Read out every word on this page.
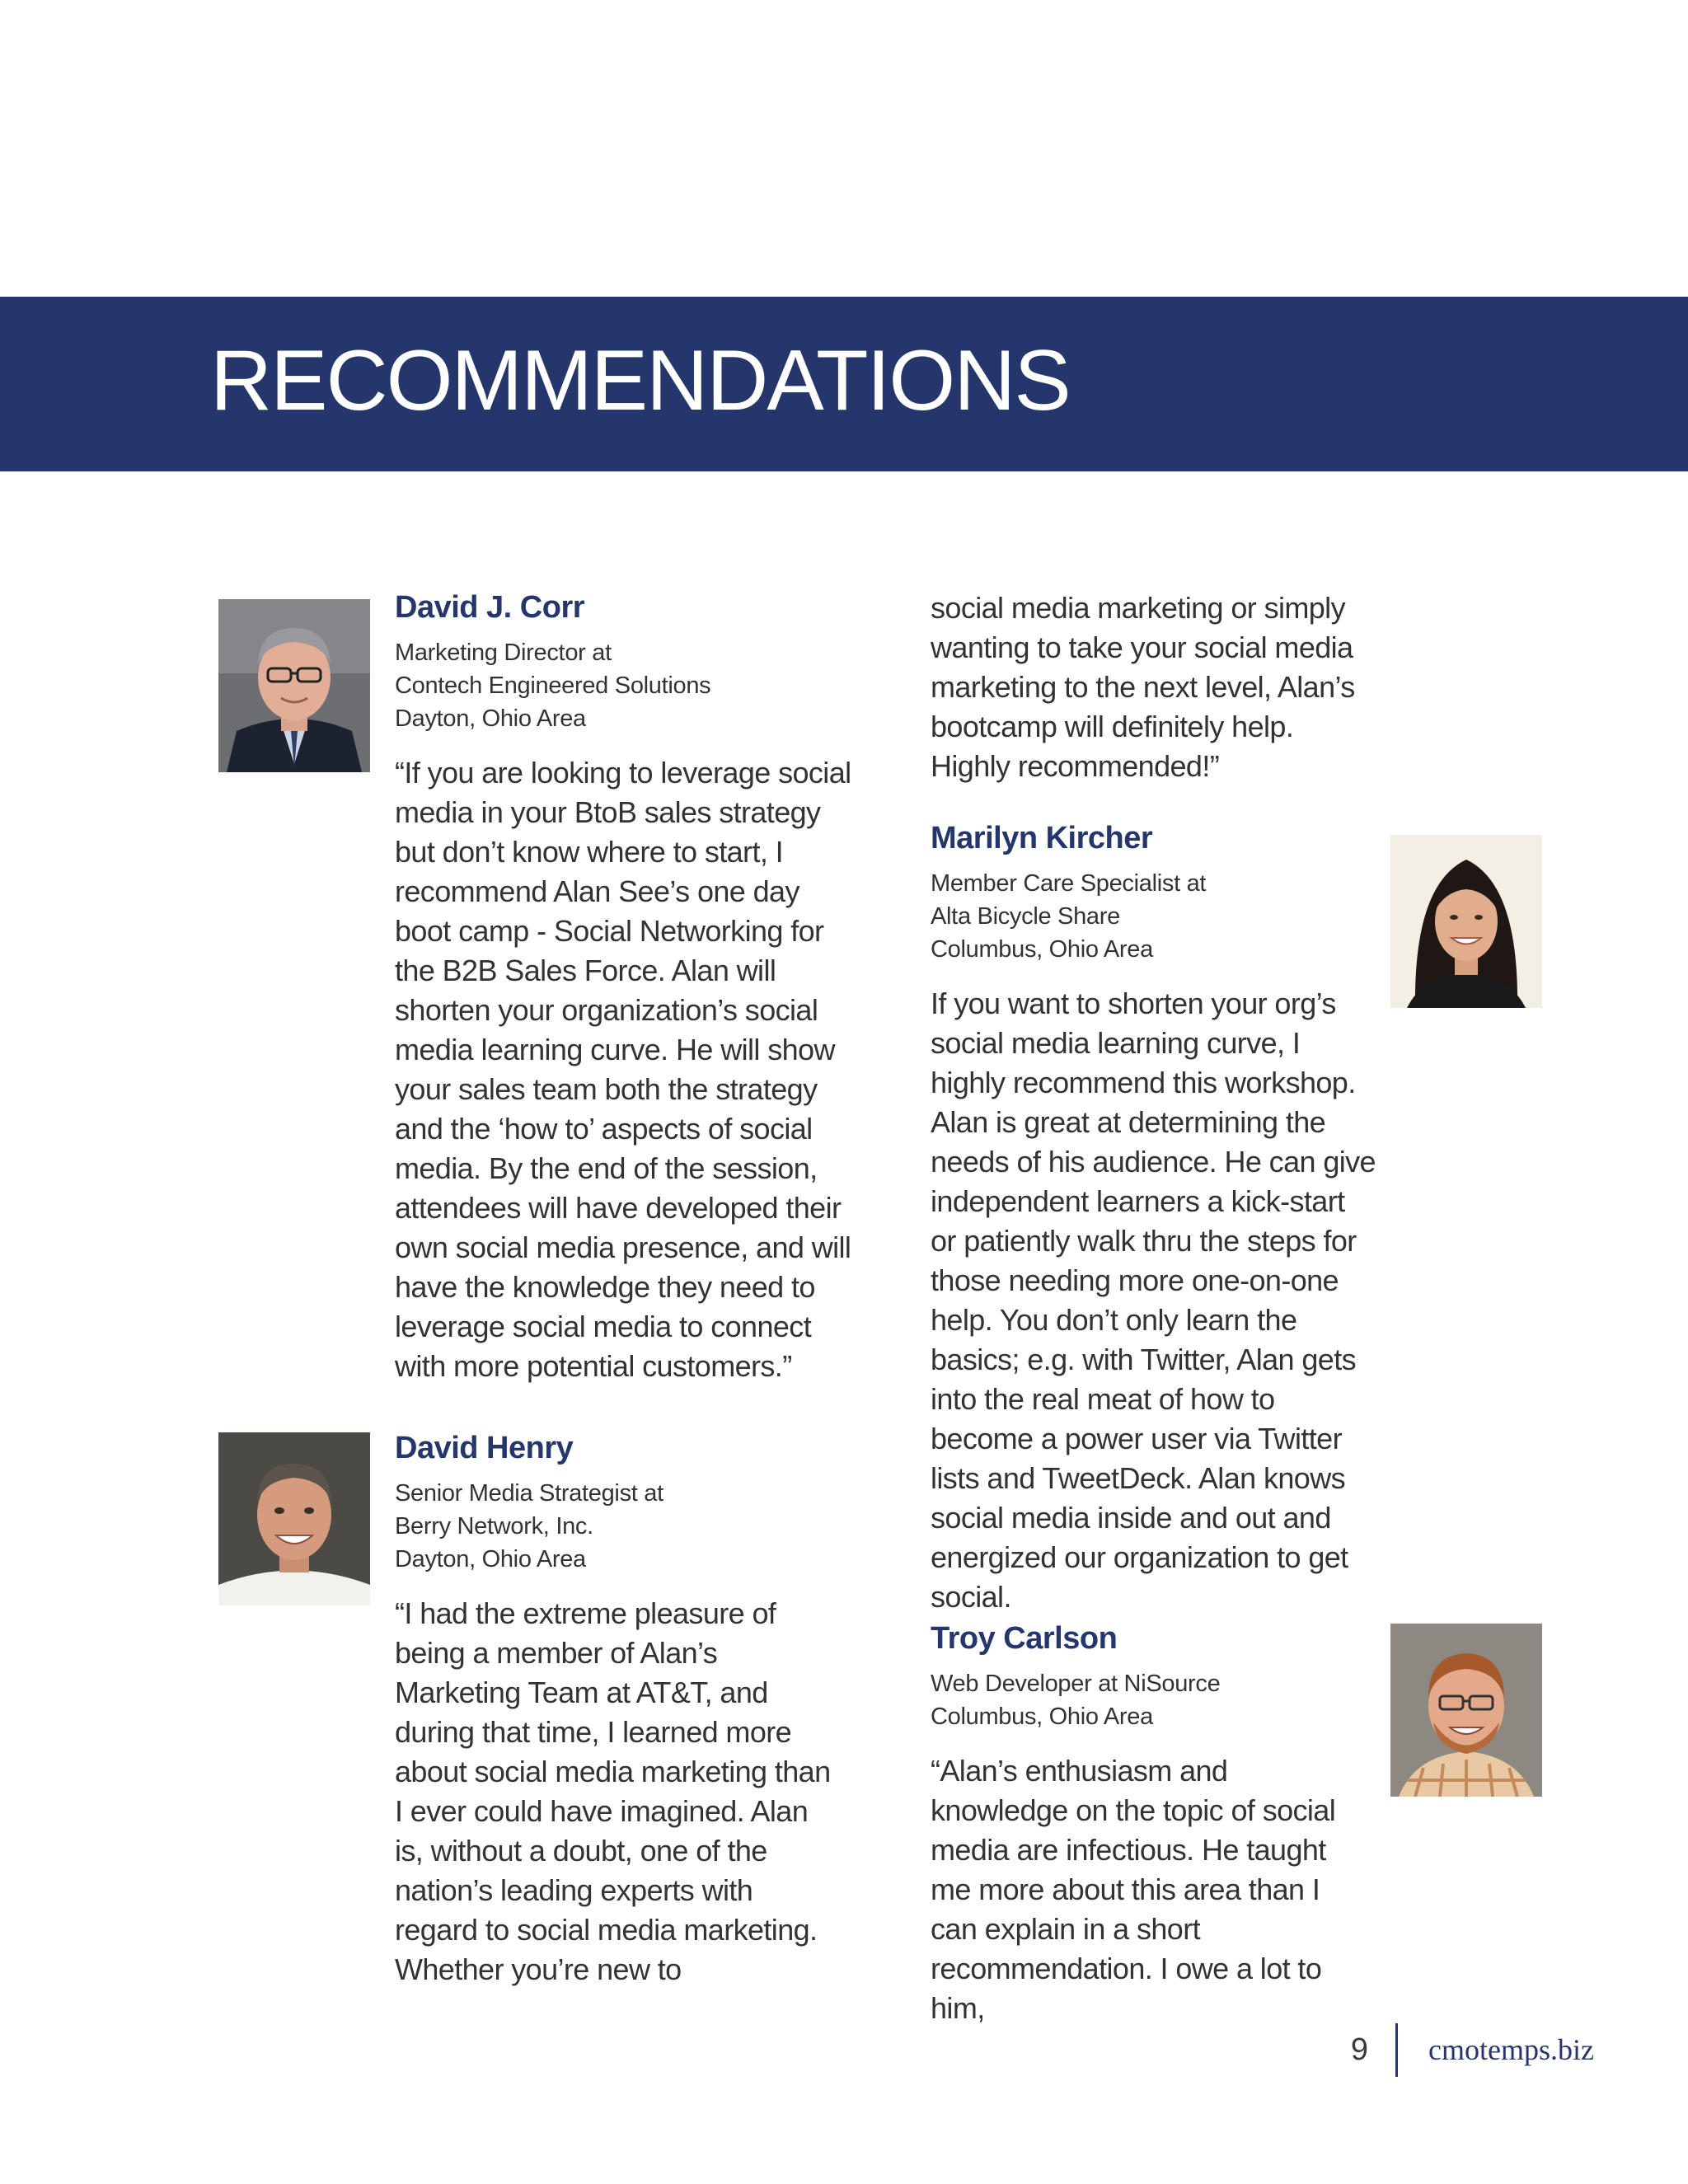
RECOMMENDATIONS
David J. Corr
Marketing Director at
Contech Engineered Solutions
Dayton, Ohio Area

“If you are looking to leverage social media in your BtoB sales strategy but don’t know where to start, I recommend Alan See’s one day boot camp - Social Networking for the B2B Sales Force. Alan will shorten your organization’s social media learning curve. He will show your sales team both the strategy and the ‘how to’ aspects of social media. By the end of the session, attendees will have developed their own social media presence, and will have the knowledge they need to leverage social media to connect with more potential customers.”

David Henry
Senior Media Strategist at
Berry Network, Inc.
Dayton, Ohio Area

“I had the extreme pleasure of being a member of Alan’s Marketing Team at AT&T, and during that time, I learned more about social media marketing than I ever could have imagined. Alan is, without a doubt, one of the nation’s leading experts with regard to social media marketing. Whether you’re new to

social media marketing or simply wanting to take your social media marketing to the next level, Alan’s bootcamp will definitely help. Highly recommended!”

Marilyn Kircher
Member Care Specialist at
Alta Bicycle Share
Columbus, Ohio Area

If you want to shorten your org’s social media learning curve, I highly recommend this workshop. Alan is great at determining the needs of his audience. He can give independent learners a kick-start or patiently walk thru the steps for those needing more one-on-one help. You don’t only learn the basics; e.g. with Twitter, Alan gets into the real meat of how to become a power user via Twitter lists and TweetDeck. Alan knows social media inside and out and energized our organization to get social.

Troy Carlson
Web Developer at NiSource
Columbus, Ohio Area

“Alan’s enthusiasm and knowledge on the topic of social media are infectious. He taught me more about this area than I can explain in a short recommendation. I owe a lot to him,

9 cmotemps.biz
